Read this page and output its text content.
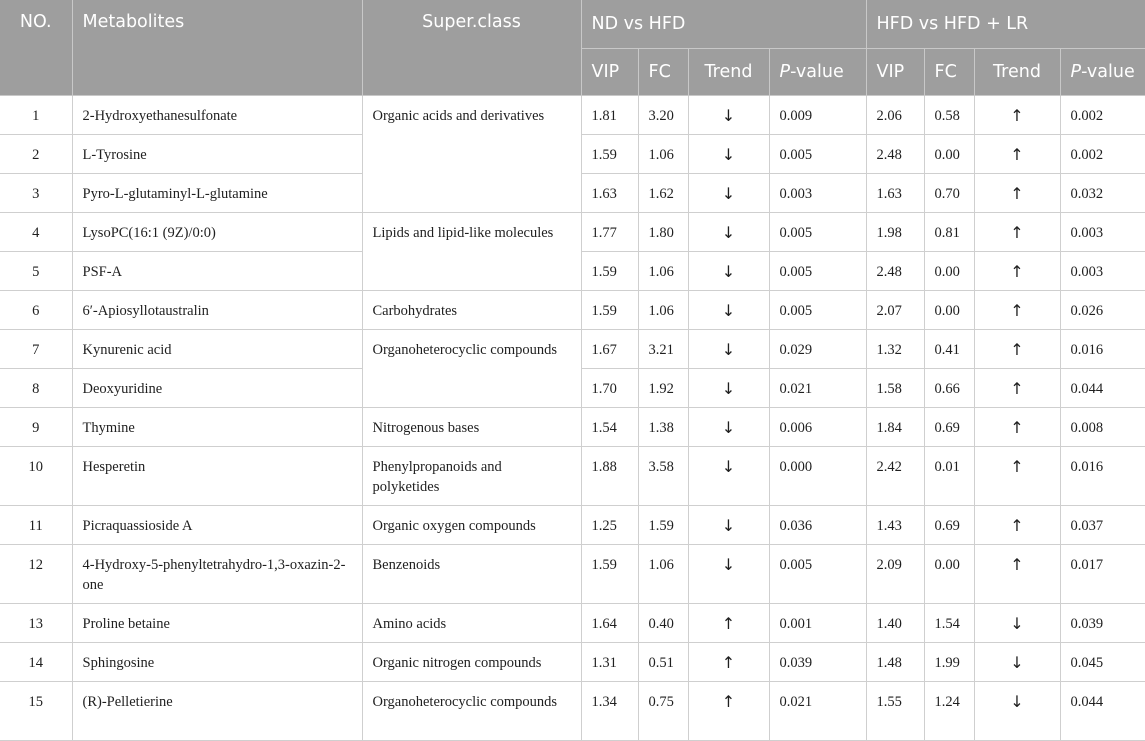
NO.	Metabolites	Super.class	ND vs HFD				HFD vs HFD + LR			
			VIP	FC	Trend	P-value	VIP	FC	Trend	P-value
1	2-Hydroxyethanesulfonate	Organic acids and derivatives	1.81	3.20	↓	0.009	2.06	0.58	↑	0.002
2	L-Tyrosine		1.59	1.06	↓	0.005	2.48	0.00	↑	0.002
3	Pyro-L-glutaminyl-L-glutamine		1.63	1.62	↓	0.003	1.63	0.70	↑	0.032
4	LysoPC(16:1 (9Z)/0:0)	Lipids and lipid-like molecules	1.77	1.80	↓	0.005	1.98	0.81	↑	0.003
5	PSF-A		1.59	1.06	↓	0.005	2.48	0.00	↑	0.003
6	6′-Apiosyllotaustralin	Carbohydrates	1.59	1.06	↓	0.005	2.07	0.00	↑	0.026
7	Kynurenic acid	Organoheterocyclic compounds	1.67	3.21	↓	0.029	1.32	0.41	↑	0.016
8	Deoxyuridine		1.70	1.92	↓	0.021	1.58	0.66	↑	0.044
9	Thymine	Nitrogenous bases	1.54	1.38	↓	0.006	1.84	0.69	↑	0.008
10	Hesperetin	Phenylpropanoids and polyketides	1.88	3.58	↓	0.000	2.42	0.01	↑	0.016
11	Picraquassioside A	Organic oxygen compounds	1.25	1.59	↓	0.036	1.43	0.69	↑	0.037
12	4-Hydroxy-5-phenyltetrahydro-1,3-oxazin-2-one	Benzenoids	1.59	1.06	↓	0.005	2.09	0.00	↑	0.017
13	Proline betaine	Amino acids	1.64	0.40	↑	0.001	1.40	1.54	↓	0.039
14	Sphingosine	Organic nitrogen compounds	1.31	0.51	↑	0.039	1.48	1.99	↓	0.045
15	(R)-Pelletierine	Organoheterocyclic compounds	1.34	0.75	↑	0.021	1.55	1.24	↓	0.044
